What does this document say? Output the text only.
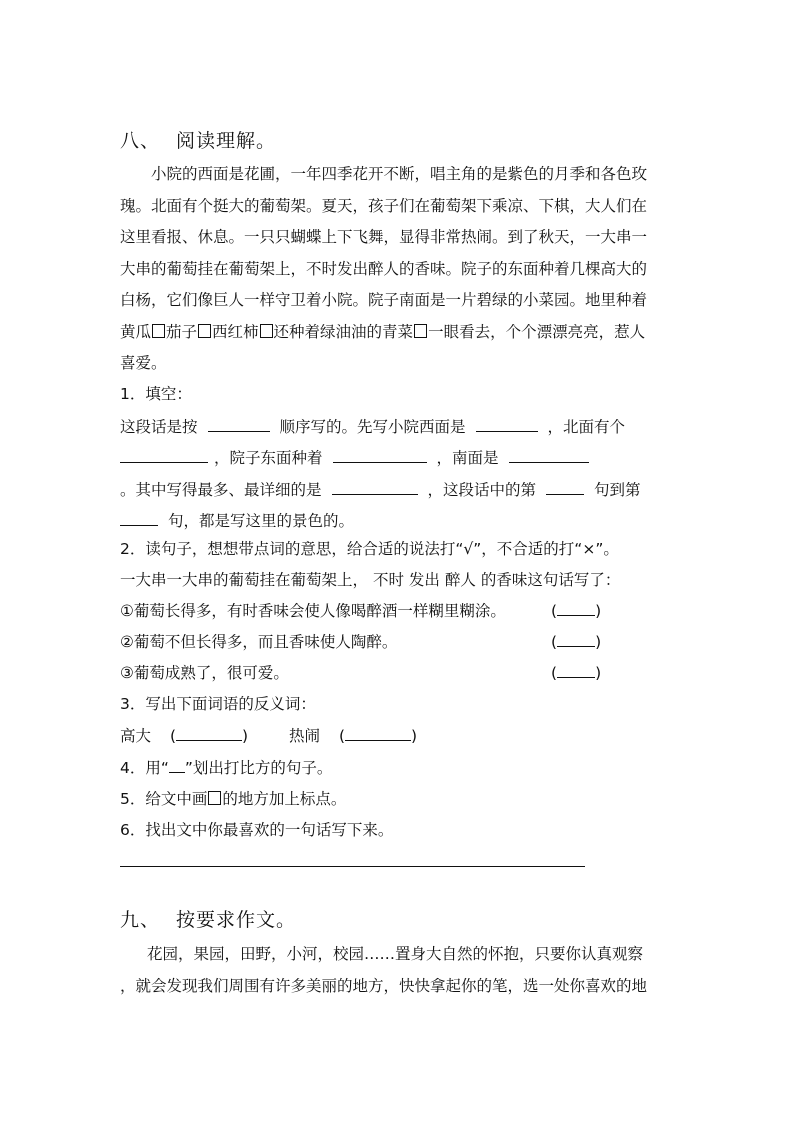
八、 阅读理解。
小院的西面是花圃，一年四季花开不断，唱主角的是紫色的月季和各色玫
瑰。北面有个挺大的葡萄架。夏天，孩子们在葡萄架下乘凉、下棋，大人们在
这里看报、休息。一只只蝴蝶上下飞舞，显得非常热闹。到了秋天，一大串一
大串的葡萄挂在葡萄架上，不时发出醉人的香味。院子的东面种着几棵高大的
白杨，它们像巨人一样守卫着小院。院子南面是一片碧绿的小菜园。地里种着
黄瓜 茄子 西红柿 还种着绿油油的青菜 一眼看去，个个漂漂亮亮，惹人
喜爱。
1．填空：
这段话是按	顺序写的。先写小院西面是	，北面有个
，院子东面种着	，南面是
。其中写得最多、最详细的是	，这段话中的第	句到第
句，都是写这里的景色的。
2．读句子，想想带点词的意思，给合适的说法打“√”，不合适的打“×”。
一大串一大串的葡萄挂在葡萄架上， 不时 发出 醉人 的香味这句话写了：
①葡萄长得多，有时香味会使人像喝醉酒一样糊里糊涂。	( )
②葡萄不但长得多，而且香味使人陶醉。	( )
③葡萄成熟了，很可爱。	( )
3．写出下面词语的反义词：
高大 (	)	热闹 (	)
4．用“ ”划出打比方的句子。
5．给文中画 的地方加上标点。
6．找出文中你最喜欢的一句话写下来。
九、 按要求作文。
花园，果园，田野，小河，校园……置身大自然的怀抱，只要你认真观察
，就会发现我们周围有许多美丽的地方，快快拿起你的笔，选一处你喜欢的地
